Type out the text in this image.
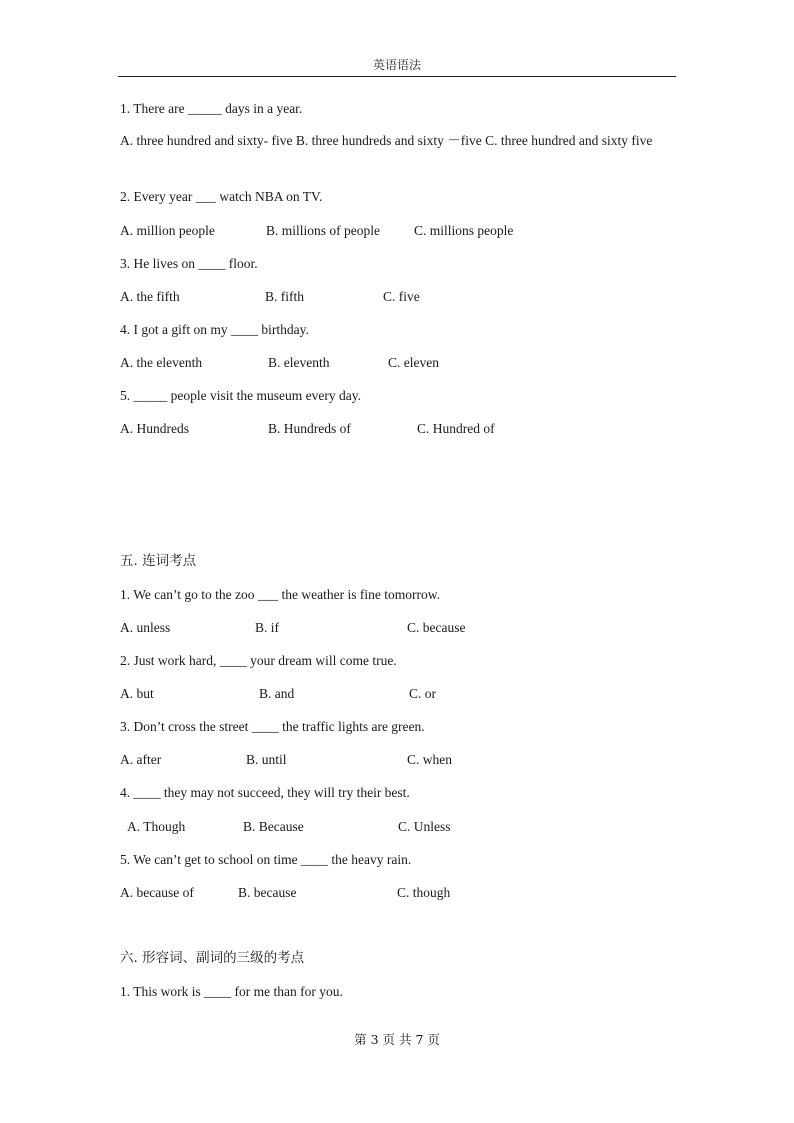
英语语法
1. There are _____ days in a year.
A. three hundred and sixty- five B. three hundreds and sixty －five C. three hundred and sixty five
2. Every year ___ watch NBA on TV.
A. million people	B. millions of people	C. millions people
3. He lives on ____ floor.
A. the fifth	B. fifth	C. five
4. I got a gift on my ____ birthday.
A. the eleventh	B. eleventh	C. eleven
5. _____ people visit the museum every day.
A. Hundreds	B. Hundreds of	C. Hundred of
五. 连词考点
1. We can’t go to the zoo ___ the weather is fine tomorrow.
A. unless	B. if	C. because
2. Just work hard, ____ your dream will come true.
A. but	B. and	C. or
3. Don’t cross the street ____ the traffic lights are green.
A. after	B. until	C. when
4. ____ they may not succeed, they will try their best.
A. Though	B. Because	C. Unless
5. We can’t get to school on time ____ the heavy rain.
A. because of	B. because	C. though
六. 形容词、副词的三级的考点
1. This work is ____ for me than for you.
第 3 页 共 7 页
